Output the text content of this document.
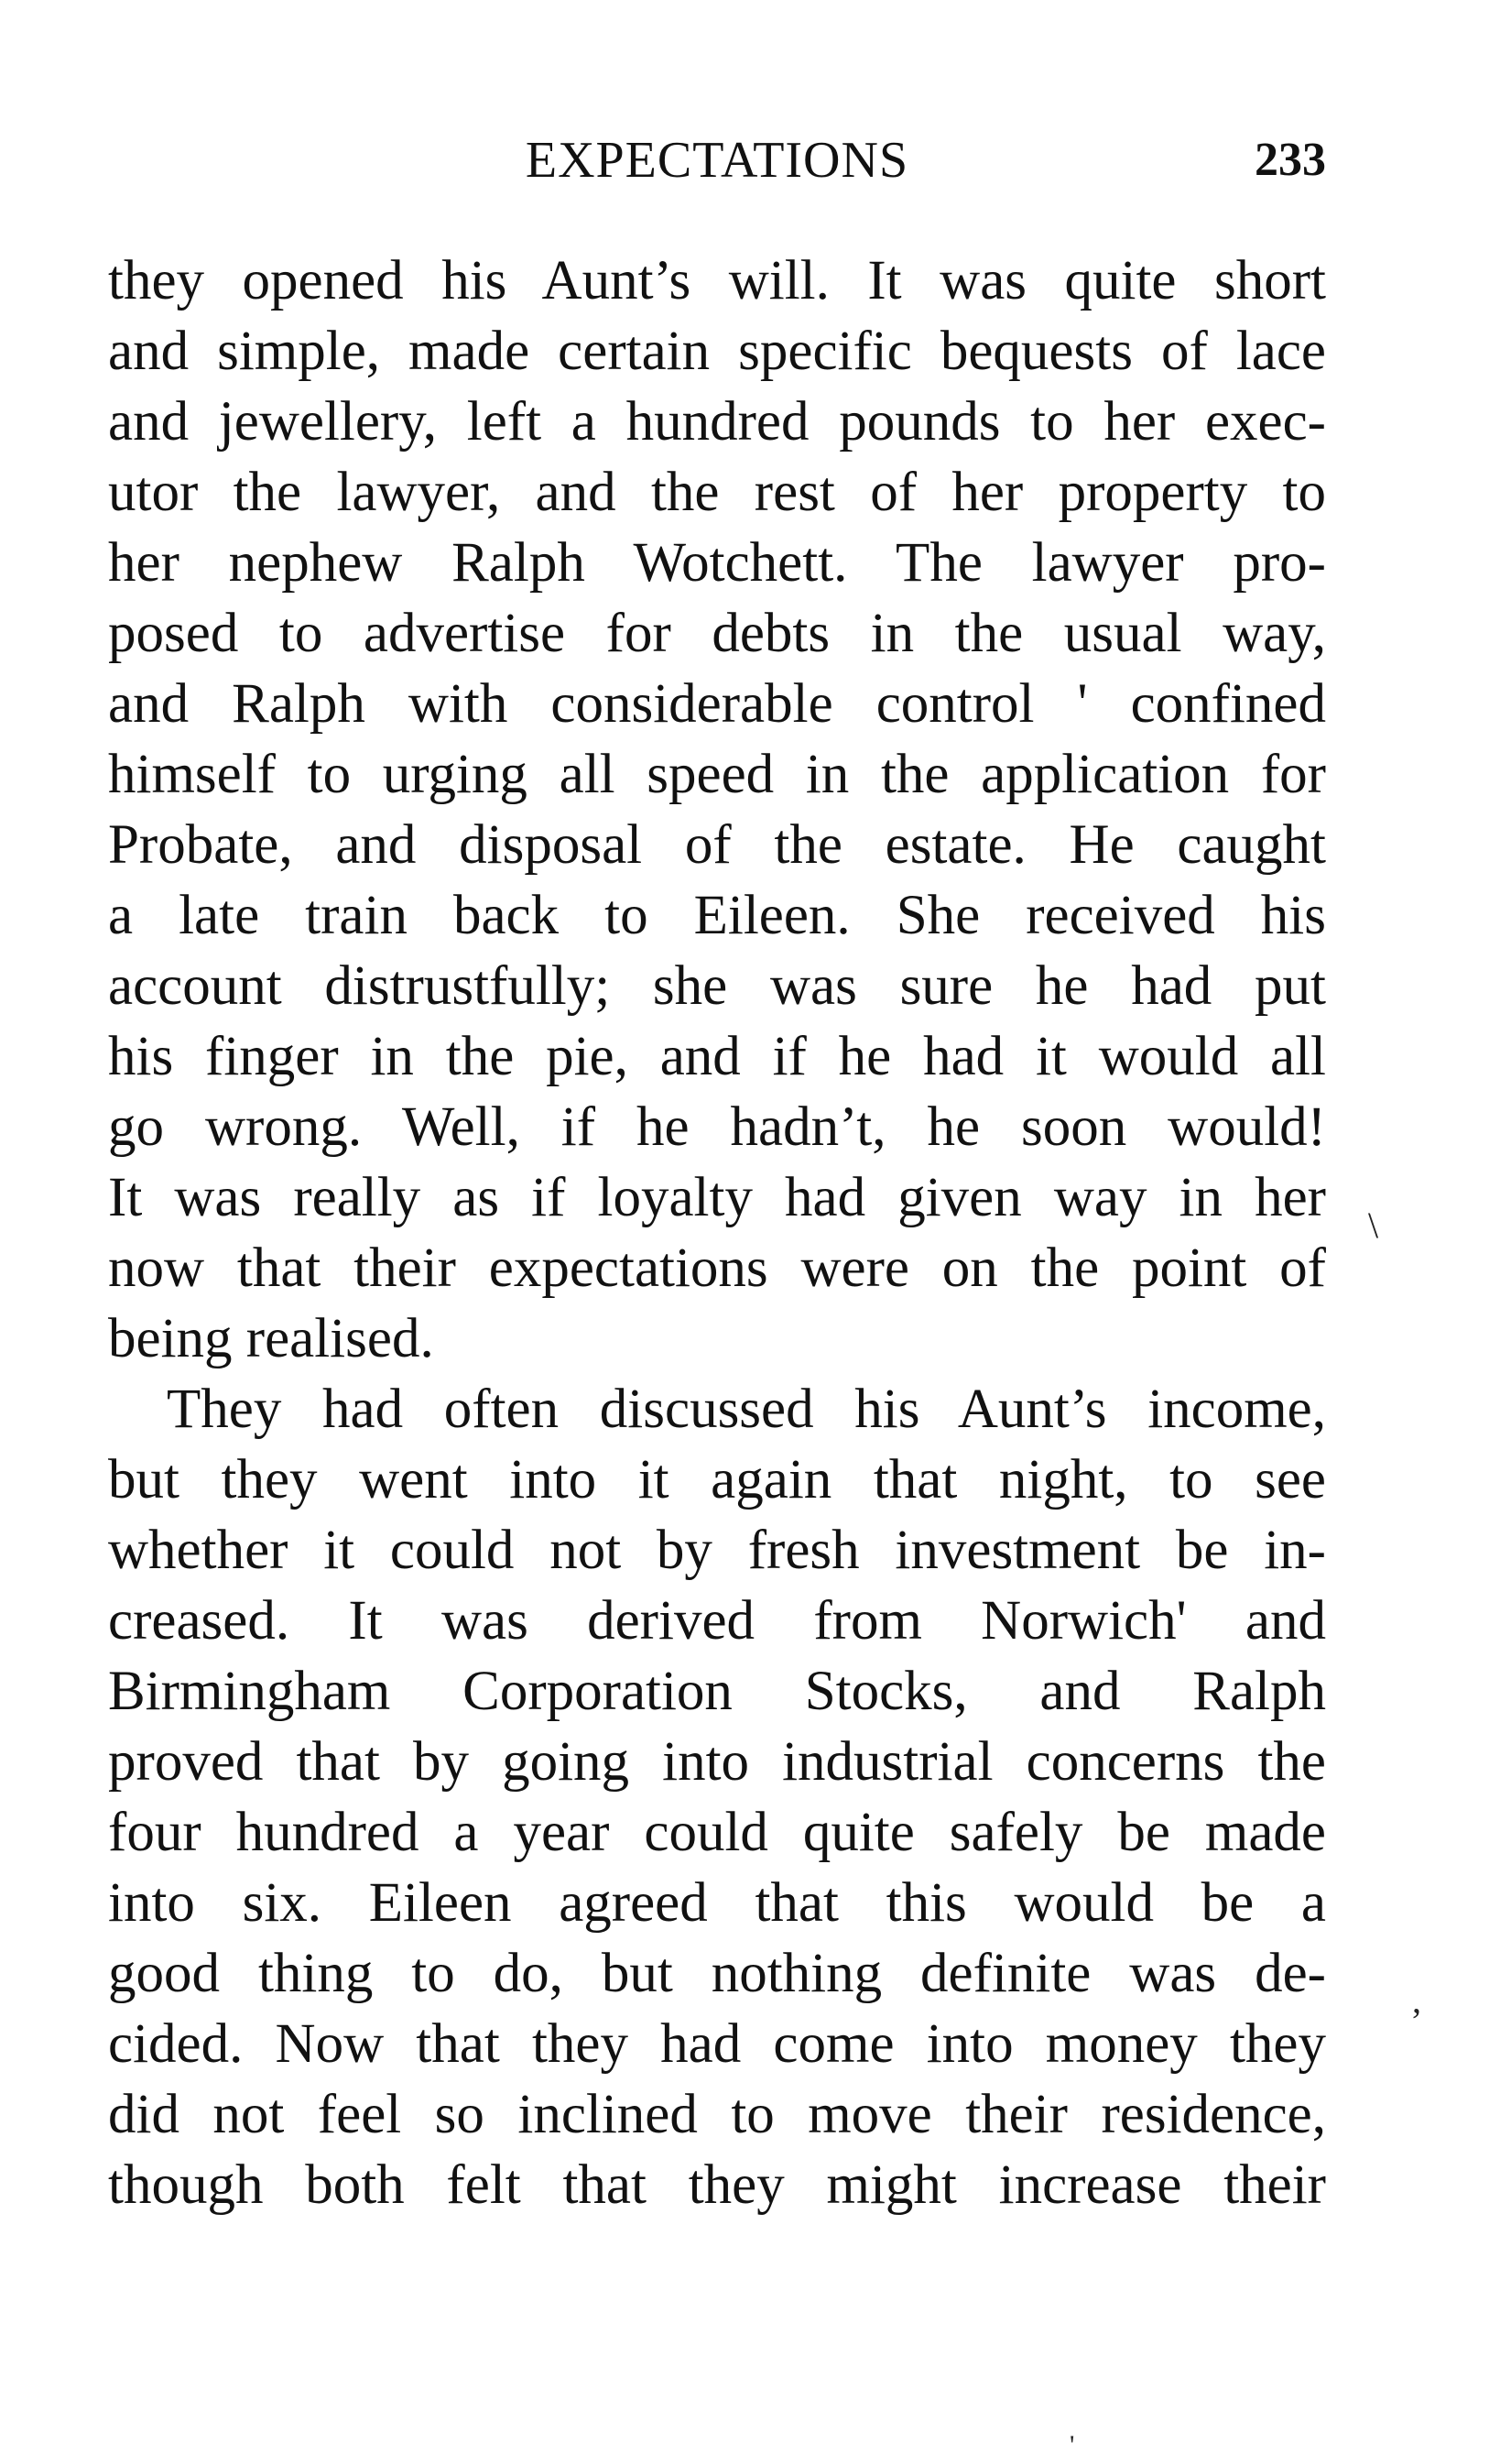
EXPECTATIONS	233
they opened his Aunt’s will. It was quite short
and simple, made certain specific bequests of lace
and jewellery, left a hundred pounds to her exec-
utor the lawyer, and the rest of her property to
her nephew Ralph Wotchett. The lawyer pro-
posed to advertise for debts in the usual way,
and Ralph with considerable control ' confined
himself to urging all speed in the application for
Probate, and disposal of the estate. He caught
a late train back to Eileen. She received his
account distrustfully; she was sure he had put
his finger in the pie, and if he had it would all
go wrong. Well, if he hadn’t, he soon would!
It was really as if loyalty had given way in her
now that their expectations were on the point of
being realised.
They had often discussed his Aunt’s income,
but they went into it again that night, to see
whether it could not by fresh investment be in-
creased. It was derived from Norwich' and
Birmingham Corporation Stocks, and Ralph
proved that by going into industrial concerns the
four hundred a year could quite safely be made
into six. Eileen agreed that this would be a
good thing to do, but nothing definite was de-
cided. Now that they had come into money they
did not feel so inclined to move their residence,
though both felt that they might increase their
\
,
'
